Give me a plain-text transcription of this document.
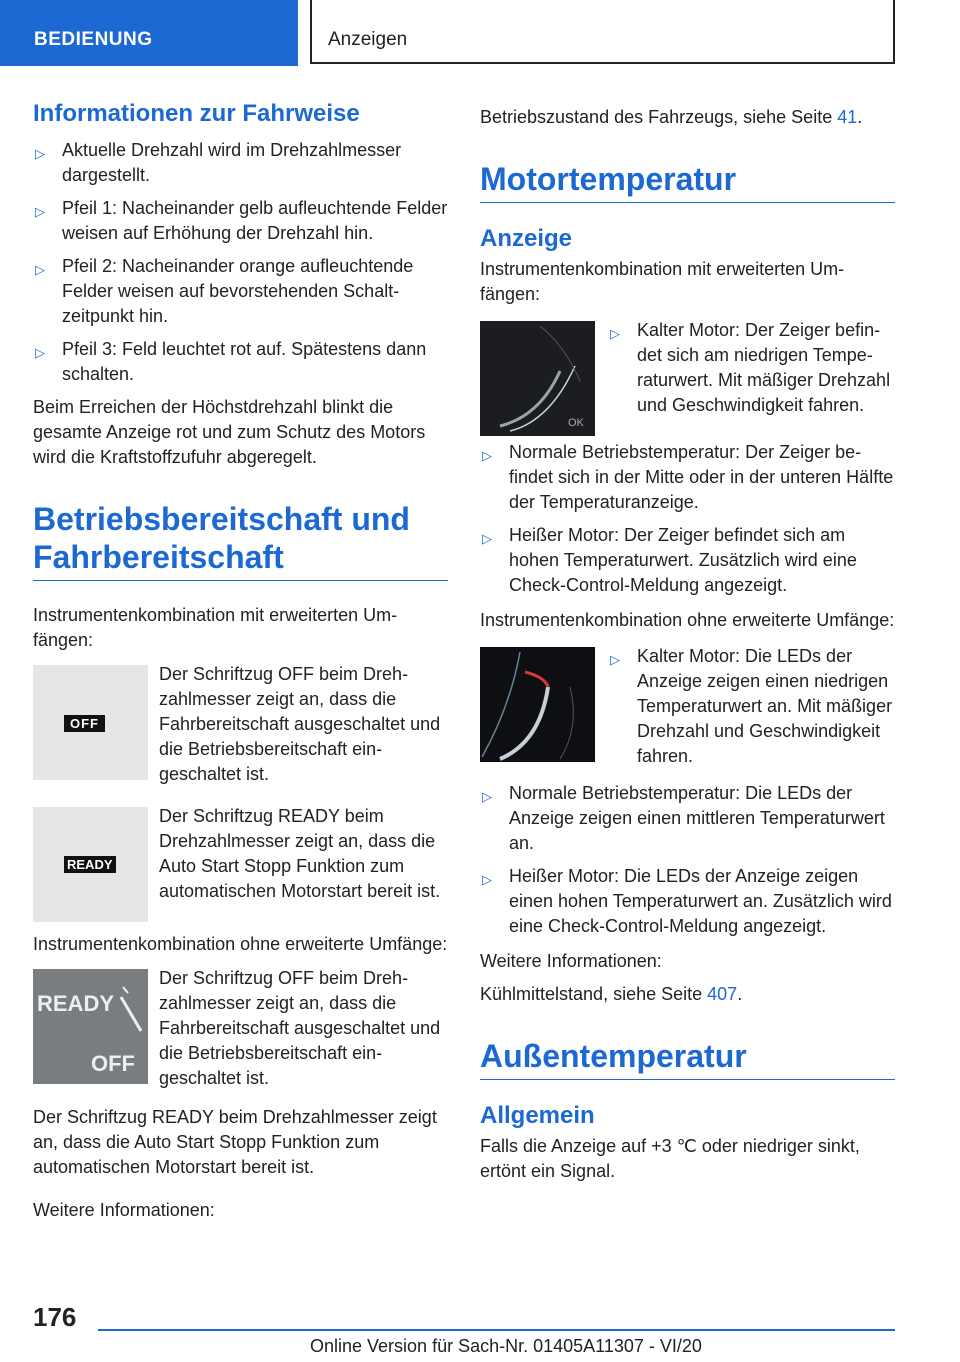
BEDIENUNG	Anzeigen
Informationen zur Fahrweise
▷ Aktuelle Drehzahl wird im Drehzahlmesser dargestellt.
▷ Pfeil 1: Nacheinander gelb aufleuchtende Felder weisen auf Erhöhung der Drehzahl hin.
▷ Pfeil 2: Nacheinander orange aufleuchtende Felder weisen auf bevorstehenden Schaltzeitpunkt hin.
▷ Pfeil 3: Feld leuchtet rot auf. Spätestens dann schalten.

Beim Erreichen der Höchstdrehzahl blinkt die gesamte Anzeige rot und zum Schutz des Motors wird die Kraftstoffzufuhr abgeregelt.

Betriebsbereitschaft und Fahrbereitschaft

Instrumentenkombination mit erweiterten Umfängen:

OFF

Der Schriftzug OFF beim Drehzahlmesser zeigt an, dass die Fahrbereitschaft ausgeschaltet und die Betriebsbereitschaft eingeschaltet ist.

READY

Der Schriftzug READY beim Drehzahlmesser zeigt an, dass die Auto Start Stopp Funktion zum automatischen Motorstart bereit ist.

Instrumentenkombination ohne erweiterte Umfänge:

READY
OFF

Der Schriftzug OFF beim Drehzahlmesser zeigt an, dass die Fahrbereitschaft ausgeschaltet und die Betriebsbereitschaft eingeschaltet ist.

Der Schriftzug READY beim Drehzahlmesser zeigt an, dass die Auto Start Stopp Funktion zum automatischen Motorstart bereit ist.

Weitere Informationen:

Betriebszustand des Fahrzeugs, siehe Seite 41.

Motortemperatur
Anzeige

Instrumentenkombination mit erweiterten Umfängen:

OK
▷ Kalter Motor: Der Zeiger befindet sich am niedrigen Temperaturwert. Mit mäßiger Drehzahl und Geschwindigkeit fahren.
▷ Normale Betriebstemperatur: Der Zeiger befindet sich in der Mitte oder in der unteren Hälfte der Temperaturanzeige.
▷ Heißer Motor: Der Zeiger befindet sich am hohen Temperaturwert. Zusätzlich wird eine Check-Control-Meldung angezeigt.

Instrumentenkombination ohne erweiterte Umfänge:

▷ Kalter Motor: Die LEDs der Anzeige zeigen einen niedrigen Temperaturwert an. Mit mäßiger Drehzahl und Geschwindigkeit fahren.
▷ Normale Betriebstemperatur: Die LEDs der Anzeige zeigen einen mittleren Temperaturwert an.
▷ Heißer Motor: Die LEDs der Anzeige zeigen einen hohen Temperaturwert an. Zusätzlich wird eine Check-Control-Meldung angezeigt.

Weitere Informationen:

Kühlmittelstand, siehe Seite 407.

Außentemperatur
Allgemein

Falls die Anzeige auf +3 ℃ oder niedriger sinkt, ertönt ein Signal.

176
Online Version für Sach-Nr. 01405A11307 - VI/20
